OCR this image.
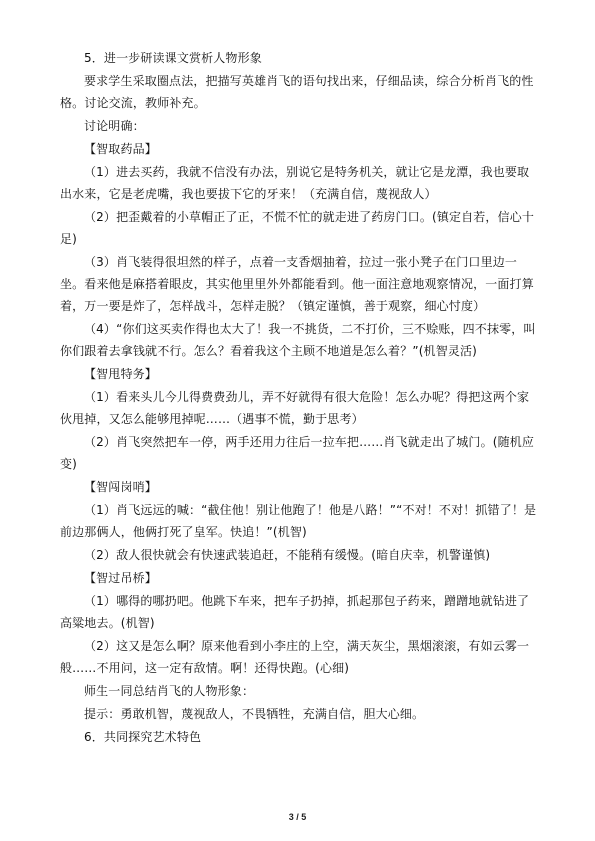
5．进一步研读课文赏析人物形象

要求学生采取圈点法，把描写英雄肖飞的语句找出来，仔细品读，综合分析肖飞的性格。讨论交流，教师补充。

讨论明确：

【智取药品】

（1）进去买药，我就不信没有办法，别说它是特务机关，就让它是龙潭，我也要取出水来，它是老虎嘴，我也要拔下它的牙来！（充满自信，蔑视敌人）

（2）把歪戴着的小草帽正了正，不慌不忙的就走进了药房门口。(镇定自若，信心十足)

（3）肖飞装得很坦然的样子，点着一支香烟抽着，拉过一张小凳子在门口里边一坐。看来他是麻搭着眼皮，其实他里里外外都能看到。他一面注意地观察情况，一面打算着，万一要是炸了，怎样战斗，怎样走脱？（镇定谨慎，善于观察，细心忖度）

（4）“你们这买卖作得也太大了！我一不挑货，二不打价，三不赊账，四不抹零，叫你们跟着去拿钱就不行。怎么？看着我这个主顾不地道是怎么着？”(机智灵活)

【智甩特务】

（1）看来头儿今儿得费费劲儿，弄不好就得有很大危险！怎么办呢？得把这两个家伙甩掉，又怎么能够甩掉呢……（遇事不慌，勤于思考）

（2）肖飞突然把车一停，两手还用力往后一拉车把……肖飞就走出了城门。(随机应变)

【智闯岗哨】

（1）肖飞远远的喊：“截住他！别让他跑了！他是八路！”“不对！不对！抓错了！是前边那俩人，他俩打死了皇军。快追！”(机智)

（2）敌人很快就会有快速武装追赶，不能稍有缓慢。(暗自庆幸，机警谨慎)

【智过吊桥】

（1）哪得的哪扔吧。他跳下车来，把车子扔掉，抓起那包子药来，蹭蹭地就钻进了高粱地去。(机智)

（2）这又是怎么啊？原来他看到小李庄的上空，满天灰尘，黑烟滚滚，有如云雾一般……不用问，这一定有敌情。啊！还得快跑。(心细)

师生一同总结肖飞的人物形象：

提示：勇敢机智，蔑视敌人，不畏牺牲，充满自信，胆大心细。

6．共同探究艺术特色

3 / 5
